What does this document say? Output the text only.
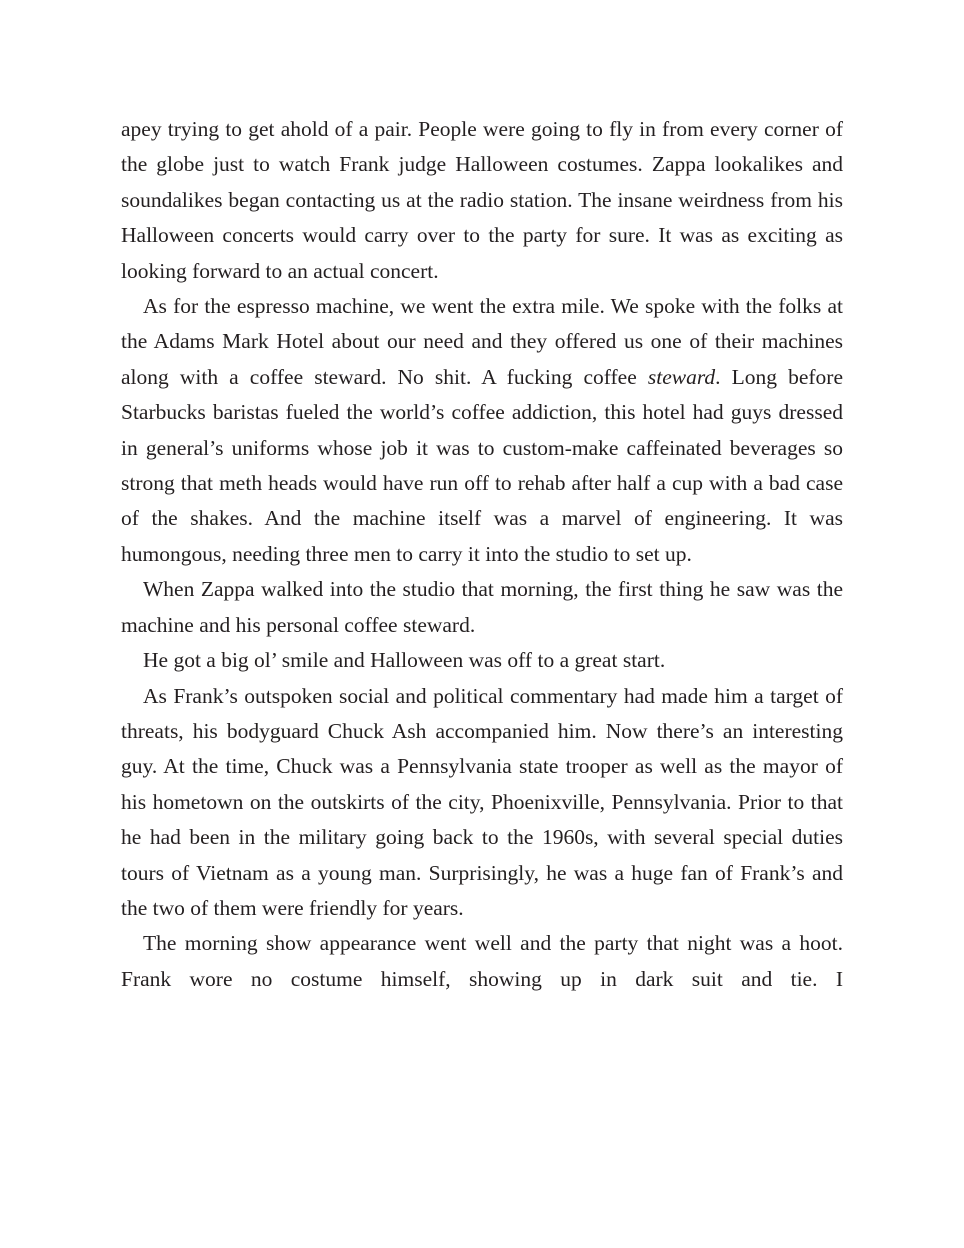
apey trying to get ahold of a pair. People were going to fly in from every corner of the globe just to watch Frank judge Halloween costumes. Zappa lookalikes and soundalikes began contacting us at the radio station. The insane weirdness from his Halloween concerts would carry over to the party for sure. It was as exciting as looking forward to an actual concert.

As for the espresso machine, we went the extra mile. We spoke with the folks at the Adams Mark Hotel about our need and they offered us one of their machines along with a coffee steward. No shit. A fucking coffee steward. Long before Starbucks baristas fueled the world’s coffee addiction, this hotel had guys dressed in general’s uniforms whose job it was to custom-make caffeinated beverages so strong that meth heads would have run off to rehab after half a cup with a bad case of the shakes. And the machine itself was a marvel of engineering. It was humongous, needing three men to carry it into the studio to set up.

When Zappa walked into the studio that morning, the first thing he saw was the machine and his personal coffee steward.

He got a big ol’ smile and Halloween was off to a great start.

As Frank’s outspoken social and political commentary had made him a target of threats, his bodyguard Chuck Ash accompanied him. Now there’s an interesting guy. At the time, Chuck was a Pennsylvania state trooper as well as the mayor of his hometown on the outskirts of the city, Phoenixville, Pennsylvania. Prior to that he had been in the military going back to the 1960s, with several special duties tours of Vietnam as a young man. Surprisingly, he was a huge fan of Frank’s and the two of them were friendly for years.

The morning show appearance went well and the party that night was a hoot. Frank wore no costume himself, showing up in dark suit and tie. I
